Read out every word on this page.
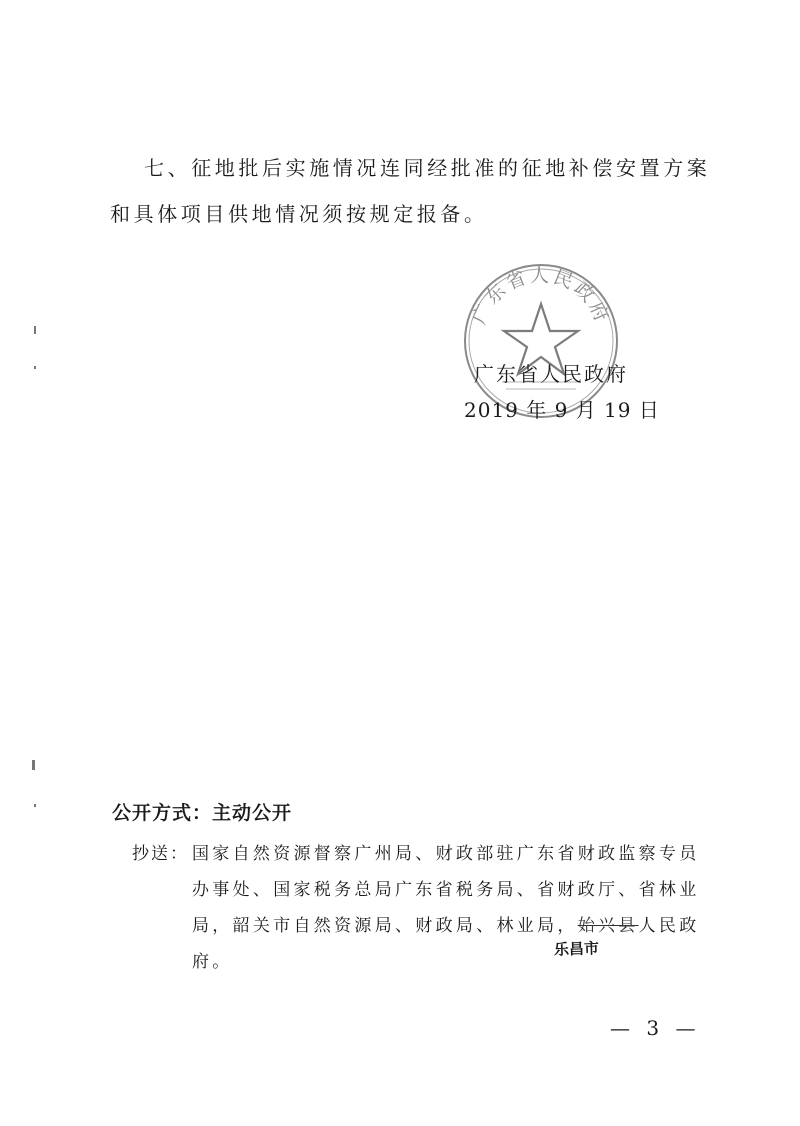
七、征地批后实施情况连同经批准的征地补偿安置方案
和具体项目供地情况须按规定报备。
广东省人民政府
广东省人民政府
2019 年 9 月 19 日
公开方式：主动公开
抄送： 国家自然资源督察广州局、财政部驻广东省财政监察专员
办事处、国家税务总局广东省税务局、省财政厅、省林业
局，韶关市自然资源局、财政局、林业局，始兴县人民政
乐昌市
府。
— 3 —
